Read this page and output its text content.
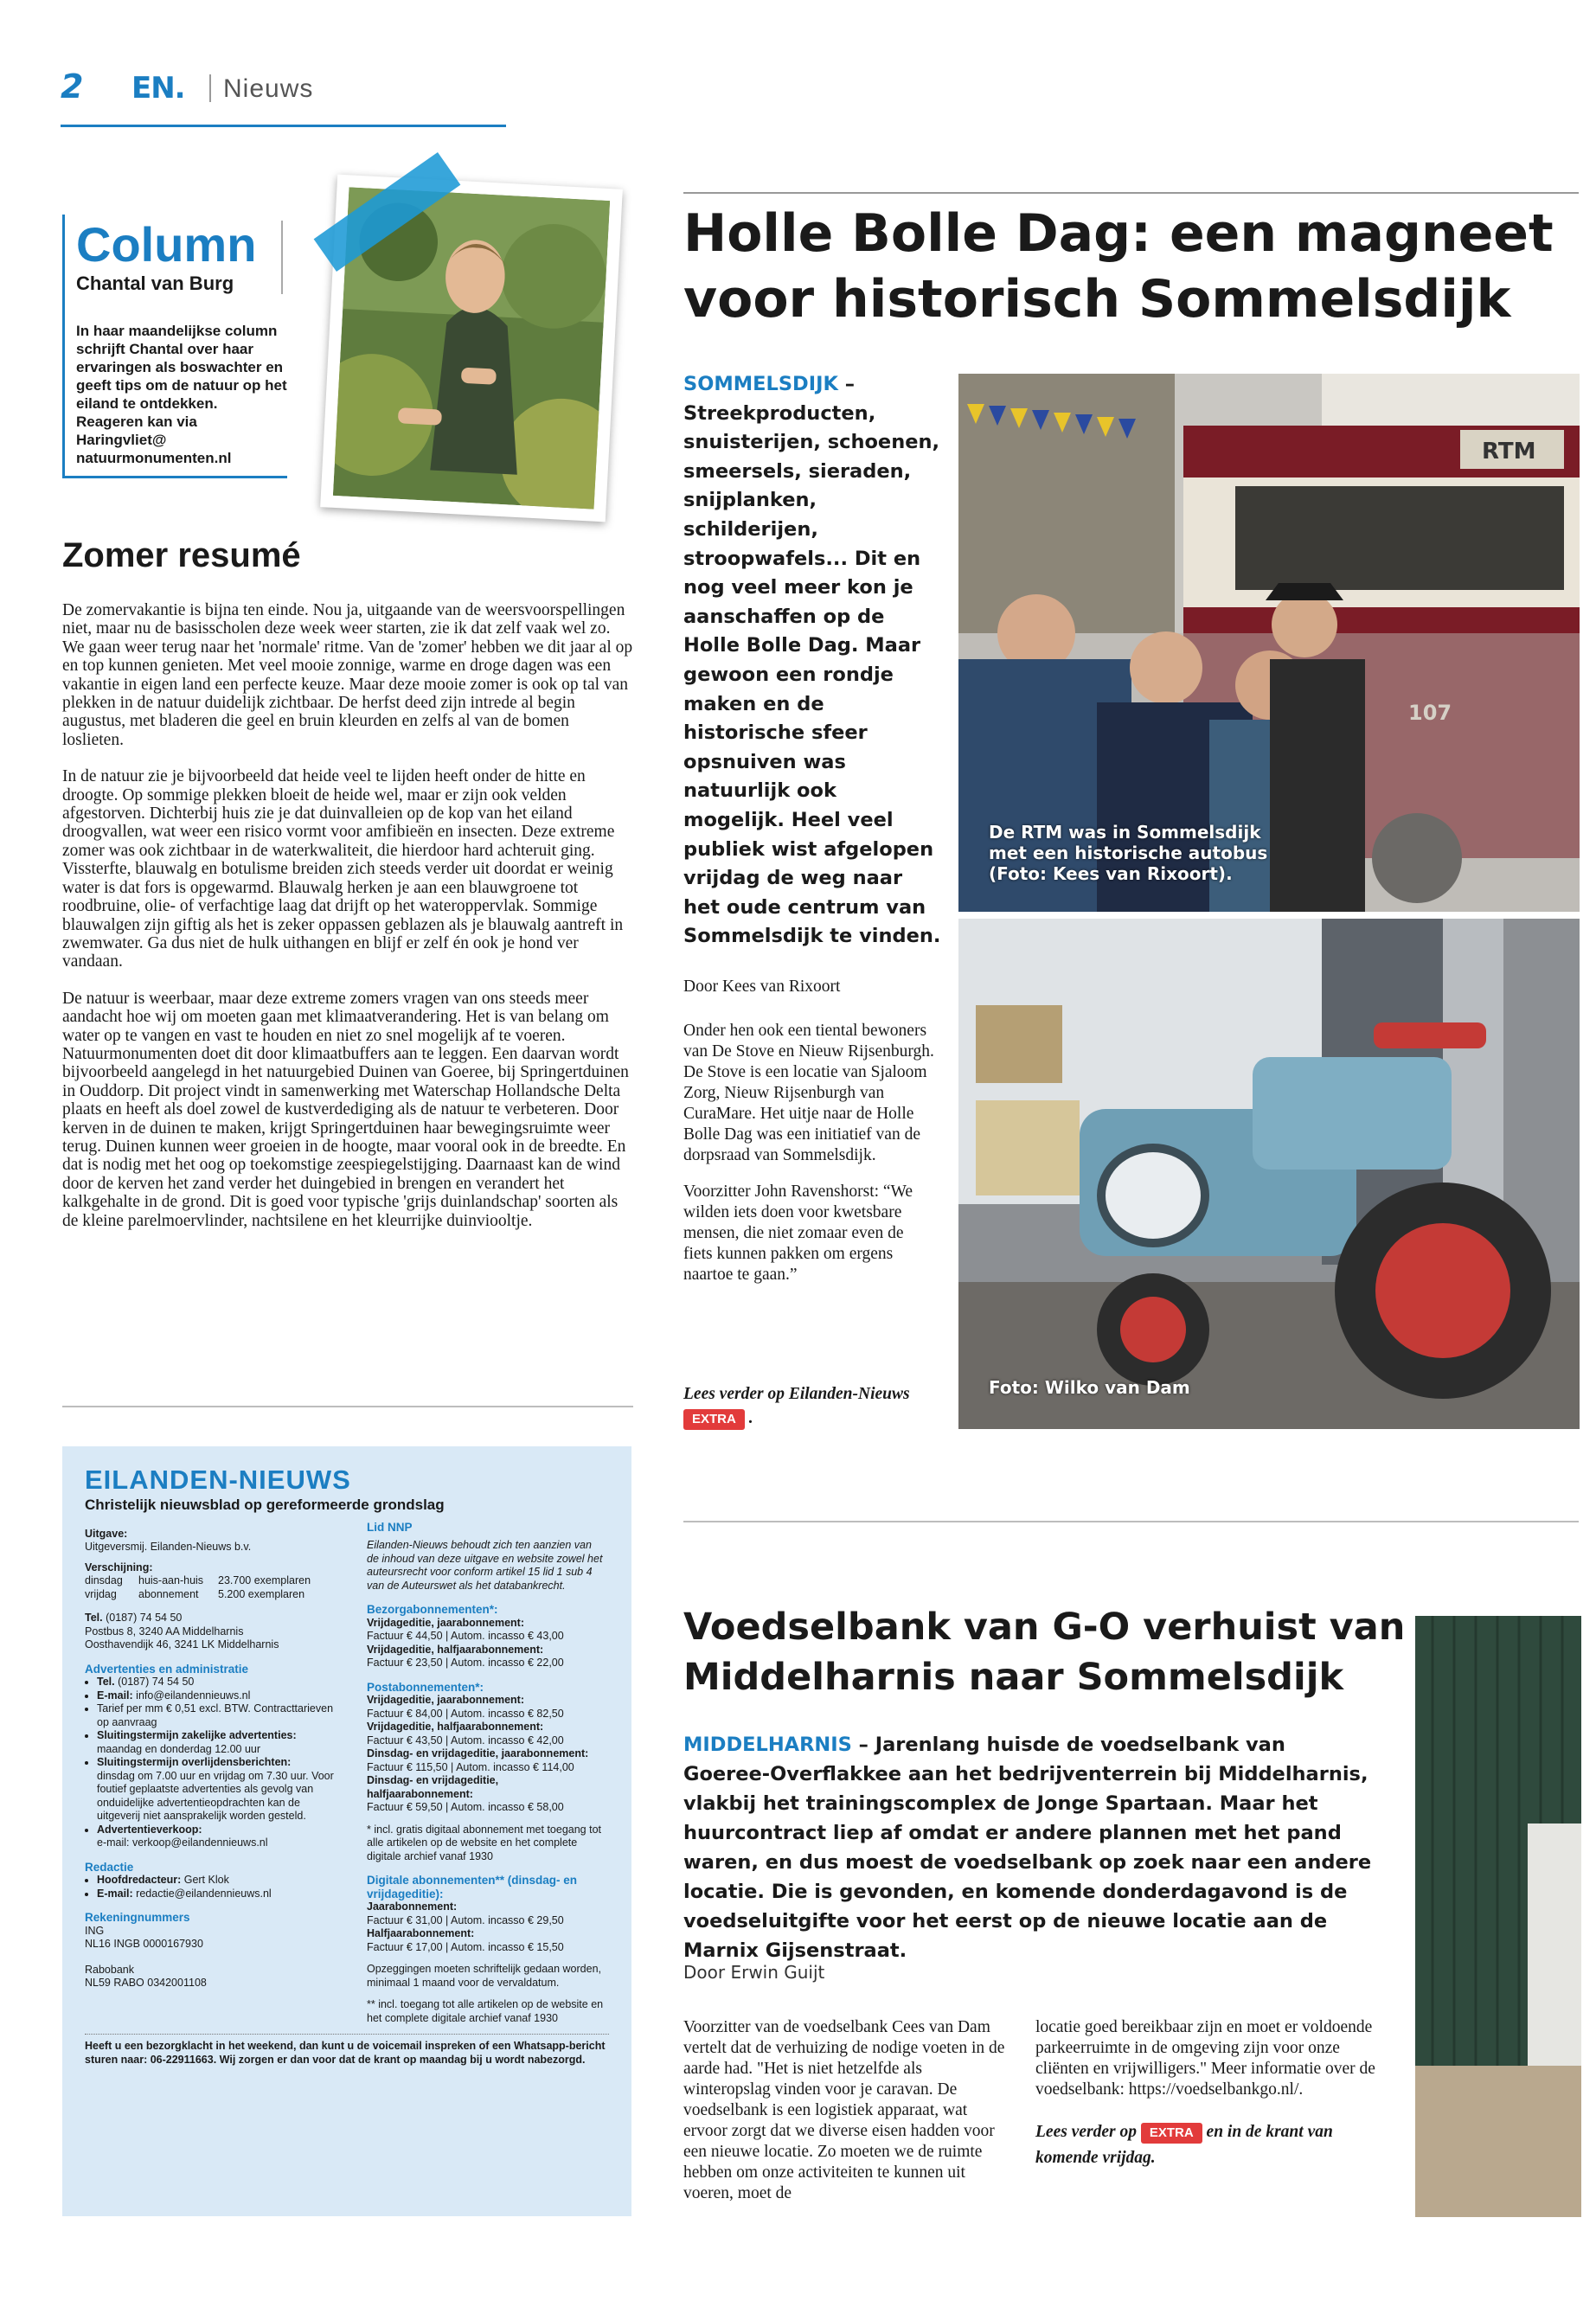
2 EN. Nieuws
Column
Chantal van Burg
In haar maandelijkse column schrijft Chantal over haar ervaringen als boswachter en geeft tips om de natuur op het eiland te ontdekken. Reageren kan via Haringvliet@ natuurmonumenten.nl
Zomer resumé

De zomervakantie is bijna ten einde. Nou ja, uitgaande van de weersvoorspellingen niet, maar nu de basisscholen deze week weer starten, zie ik dat zelf vaak wel zo. We gaan weer terug naar het 'normale' ritme. Van de 'zomer' hebben we dit jaar al op en top kunnen genieten. Met veel mooie zonnige, warme en droge dagen was een vakantie in eigen land een perfecte keuze. Maar deze mooie zomer is ook op tal van plekken in de natuur duidelijk zichtbaar. De herfst deed zijn intrede al begin augustus, met bladeren die geel en bruin kleurden en zelfs al van de bomen loslieten.

In de natuur zie je bijvoorbeeld dat heide veel te lijden heeft onder de hitte en droogte. Op sommige plekken bloeit de heide wel, maar er zijn ook velden afgestorven. Dichterbij huis zie je dat duinvalleien op de kop van het eiland droogvallen, wat weer een risico vormt voor amfibieën en insecten. Deze extreme zomer was ook zichtbaar in de waterkwaliteit, die hierdoor hard achteruit ging. Vissterfte, blauwalg en botulisme breiden zich steeds verder uit doordat er weinig water is dat fors is opgewarmd. Blauwalg herken je aan een blauwgroene tot roodbruine, olie- of verfachtige laag dat drijft op het wateroppervlak. Sommige blauwalgen zijn giftig als het is zeker oppassen geblazen als je blauwalg aantreft in zwemwater. Ga dus niet de hulk uithangen en blijf er zelf én ook je hond ver vandaan.

De natuur is weerbaar, maar deze extreme zomers vragen van ons steeds meer aandacht hoe wij om moeten gaan met klimaatverandering. Het is van belang om water op te vangen en vast te houden en niet zo snel mogelijk af te voeren. Natuurmonumenten doet dit door klimaatbuffers aan te leggen. Een daarvan wordt bijvoorbeeld aangelegd in het natuurgebied Duinen van Goeree, bij Springertduinen in Ouddorp. Dit project vindt in samenwerking met Waterschap Hollandsche Delta plaats en heeft als doel zowel de kustverdediging als de natuur te verbeteren. Door kerven in de duinen te maken, krijgt Springertduinen haar bewegingsruimte weer terug. Duinen kunnen weer groeien in de hoogte, maar vooral ook in de breedte. En dat is nodig met het oog op toekomstige zeespiegelstijging. Daarnaast kan de wind door de kerven het zand verder het duingebied in brengen en verandert het kalkgehalte in de grond. Dit is goed voor typische 'grijs duinlandschap' soorten als de kleine parelmoervlinder, nachtsilene en het kleurrijke duinviooltje.

EILANDEN-NIEUWS
Christelijk nieuwsblad op gereformeerde grondslag
Uitgave:
Uitgeversmij. Eilanden-Nieuws b.v.
Verschijning:
dinsdag	huis-aan-huis	23.700 exemplaren
vrijdag	abonnement	5.200 exemplaren
Tel. (0187) 74 54 50
Postbus 8, 3240 AA Middelharnis
Oosthavendijk 46, 3241 LK Middelharnis
Advertenties en administratie
• Tel. (0187) 74 54 50
• E-mail: info@eilandennieuws.nl
• Tarief per mm € 0,51 excl. BTW. Contracttarieven op aanvraag
• Sluitingstermijn zakelijke advertenties:
maandag en donderdag 12.00 uur
• Sluitingstermijn overlijdensberichten:
dinsdag om 7.00 uur en vrijdag om 7.30 uur. Voor foutief geplaatste advertenties als gevolg van onduidelijke advertentieopdrachten kan de uitgeverij niet aansprakelijk worden gesteld.
• Advertentieverkoop:
e-mail: verkoop@eilandennieuws.nl
Redactie
• Hoofdredacteur: Gert Klok
• E-mail: redactie@eilandennieuws.nl
Rekeningnummers
ING
NL16 INGB 0000167930
Rabobank
NL59 RABO 0342001108
Lid NNP
Eilanden-Nieuws behoudt zich ten aanzien van de inhoud van deze uitgave en website zowel het auteursrecht voor conform artikel 15 lid 1 sub 4 van de Auteurswet als het databankrecht.
Bezorgabonnementen*:
Vrijdageditie, jaarabonnement:
Factuur € 44,50 | Autom. incasso € 43,00
Vrijdageditie, halfjaarabonnement:
Factuur € 23,50 | Autom. incasso € 22,00
Postabonnementen*:
Vrijdageditie, jaarabonnement:
Factuur € 84,00 | Autom. incasso € 82,50
Vrijdageditie, halfjaarabonnement:
Factuur € 43,50 | Autom. incasso € 42,00
Dinsdag- en vrijdageditie, jaarabonnement:
Factuur € 115,50 | Autom. incasso € 114,00
Dinsdag- en vrijdageditie, halfjaarabonnement:
Factuur € 59,50 | Autom. incasso € 58,00
* incl. gratis digitaal abonnement met toegang tot alle artikelen op de website en het complete digitale archief vanaf 1930
Digitale abonnementen** (dinsdag- en vrijdageditie):
Jaarabonnement:
Factuur € 31,00 | Autom. incasso € 29,50
Halfjaarabonnement:
Factuur € 17,00 | Autom. incasso € 15,50
Opzeggingen moeten schriftelijk gedaan worden, minimaal 1 maand voor de vervaldatum.
** incl. toegang tot alle artikelen op de website en het complete digitale archief vanaf 1930
Heeft u een bezorgklacht in het weekend, dan kunt u de voicemail inspreken of een Whatsapp-bericht sturen naar: 06-22911663. Wij zorgen er dan voor dat de krant op maandag bij u wordt nabezorgd.
Holle Bolle Dag: een magneet voor historisch Sommelsdijk
SOMMELSDIJK – Streekproducten, snuisterijen, schoenen, smeersels, sieraden, snijplanken, schilderijen, stroopwafels... Dit en nog veel meer kon je aanschaffen op de Holle Bolle Dag. Maar gewoon een rondje maken en de historische sfeer opsnuiven was natuurlijk ook mogelijk. Heel veel publiek wist afgelopen vrijdag de weg naar het oude centrum van Sommelsdijk te vinden.
Door Kees van Rixoort

Onder hen ook een tiental bewoners van De Stove en Nieuw Rijsenburgh. De Stove is een locatie van Sjaloom Zorg, Nieuw Rijsenburgh van CuraMare. Het uitje naar de Holle Bolle Dag was een initiatief van de dorpsraad van Sommelsdijk.

Voorzitter John Ravenshorst: “We wilden iets doen voor kwetsbare mensen, die niet zomaar even de fiets kunnen pakken om ergens naartoe te gaan.”

Lees verder op Eilanden-Nieuws EXTRA .
RTM
De RTM was in Sommelsdijk met een historische autobus (Foto: Kees van Rixoort).
Foto: Wilko van Dam
Voedselbank van G-O verhuist van Middelharnis naar Sommelsdijk
MIDDELHARNIS – Jarenlang huisde de voedselbank van Goeree-Overflakkee aan het bedrijventerrein bij Middelharnis, vlakbij het trainingscomplex de Jonge Spartaan. Maar het huurcontract liep af omdat er andere plannen met het pand waren, en dus moest de voedselbank op zoek naar een andere locatie. Die is gevonden, en komende donderdagavond is de voedseluitgifte voor het eerst op de nieuwe locatie aan de Marnix Gijsenstraat.
Door Erwin Guijt
Voorzitter van de voedselbank Cees van Dam vertelt dat de verhuizing de nodige voeten in de aarde had. "Het is niet hetzelfde als winteropslag vinden voor je caravan. De voedselbank is een logistiek apparaat, wat ervoor zorgt dat we diverse eisen hadden voor een nieuwe locatie. Zo moeten we de ruimte hebben om onze activiteiten te kunnen uit voeren, moet de
locatie goed bereikbaar zijn en moet er voldoende parkeerruimte in de omgeving zijn voor onze cliënten en vrijwilligers." Meer informatie over de voedselbank: https://voedselbankgo.nl/.
Lees verder op EXTRA en in de krant van komende vrijdag.
